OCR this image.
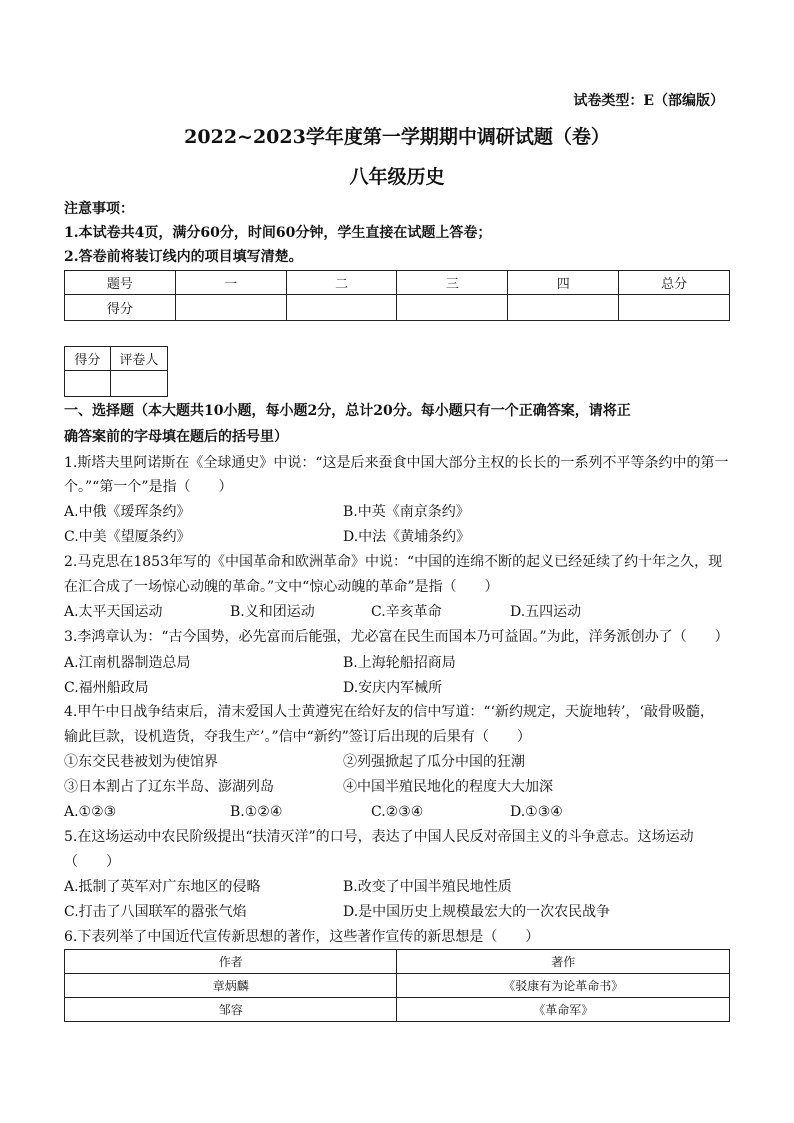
试卷类型：E（部编版）
2022~2023学年度第一学期期中调研试题（卷）
八年级历史
注意事项：
1.本试卷共4页，满分60分，时间60分钟，学生直接在试题上答卷；
2.答卷前将装订线内的项目填写清楚。
题号	一	二	三	四	总分
得分					
得分	评卷人

一、选择题（本大题共10小题，每小题2分，总计20分。每小题只有一个正确答案，请将正
确答案前的字母填在题后的括号里）
1.斯塔夫里阿诺斯在《全球通史》中说：“这是后来蚕食中国大部分主权的长长的一系列不平等条约中的第一
个。”“第一个”是指（　　）
A.中俄《瑷珲条约》	B.中英《南京条约》
C.中美《望厦条约》	D.中法《黄埔条约》
2.马克思在1853年写的《中国革命和欧洲革命》中说：“中国的连绵不断的起义已经延续了约十年之久，现
在汇合成了一场惊心动魄的革命。”文中“惊心动魄的革命”是指（　　）
A.太平天国运动	B.义和团运动	C.辛亥革命	D.五四运动
3.李鸿章认为：“古今国势，必先富而后能强，尤必富在民生而国本乃可益固。”为此，洋务派创办了（　　）
A.江南机器制造总局	B.上海轮船招商局
C.福州船政局	D.安庆内军械所
4.甲午中日战争结束后，清末爱国人士黄遵宪在给好友的信中写道：“‘新约规定，天旋地转’，‘敲骨吸髓，
输此巨款，设机造货，夺我生产’。”信中“新约”签订后出现的后果有（　　）
①东交民巷被划为使馆界	②列强掀起了瓜分中国的狂潮
③日本割占了辽东半岛、澎湖列岛	④中国半殖民地化的程度大大加深
A.①②③	B.①②④	C.②③④	D.①③④
5.在这场运动中农民阶级提出“扶清灭洋”的口号，表达了中国人民反对帝国主义的斗争意志。这场运动
（　　）
A.抵制了英军对广东地区的侵略	B.改变了中国半殖民地性质
C.打击了八国联军的嚣张气焰	D.是中国历史上规模最宏大的一次农民战争
6.下表列举了中国近代宣传新思想的著作，这些著作宣传的新思想是（　　）
作者	著作
章炳麟	《驳康有为论革命书》
邹容	《革命军》
